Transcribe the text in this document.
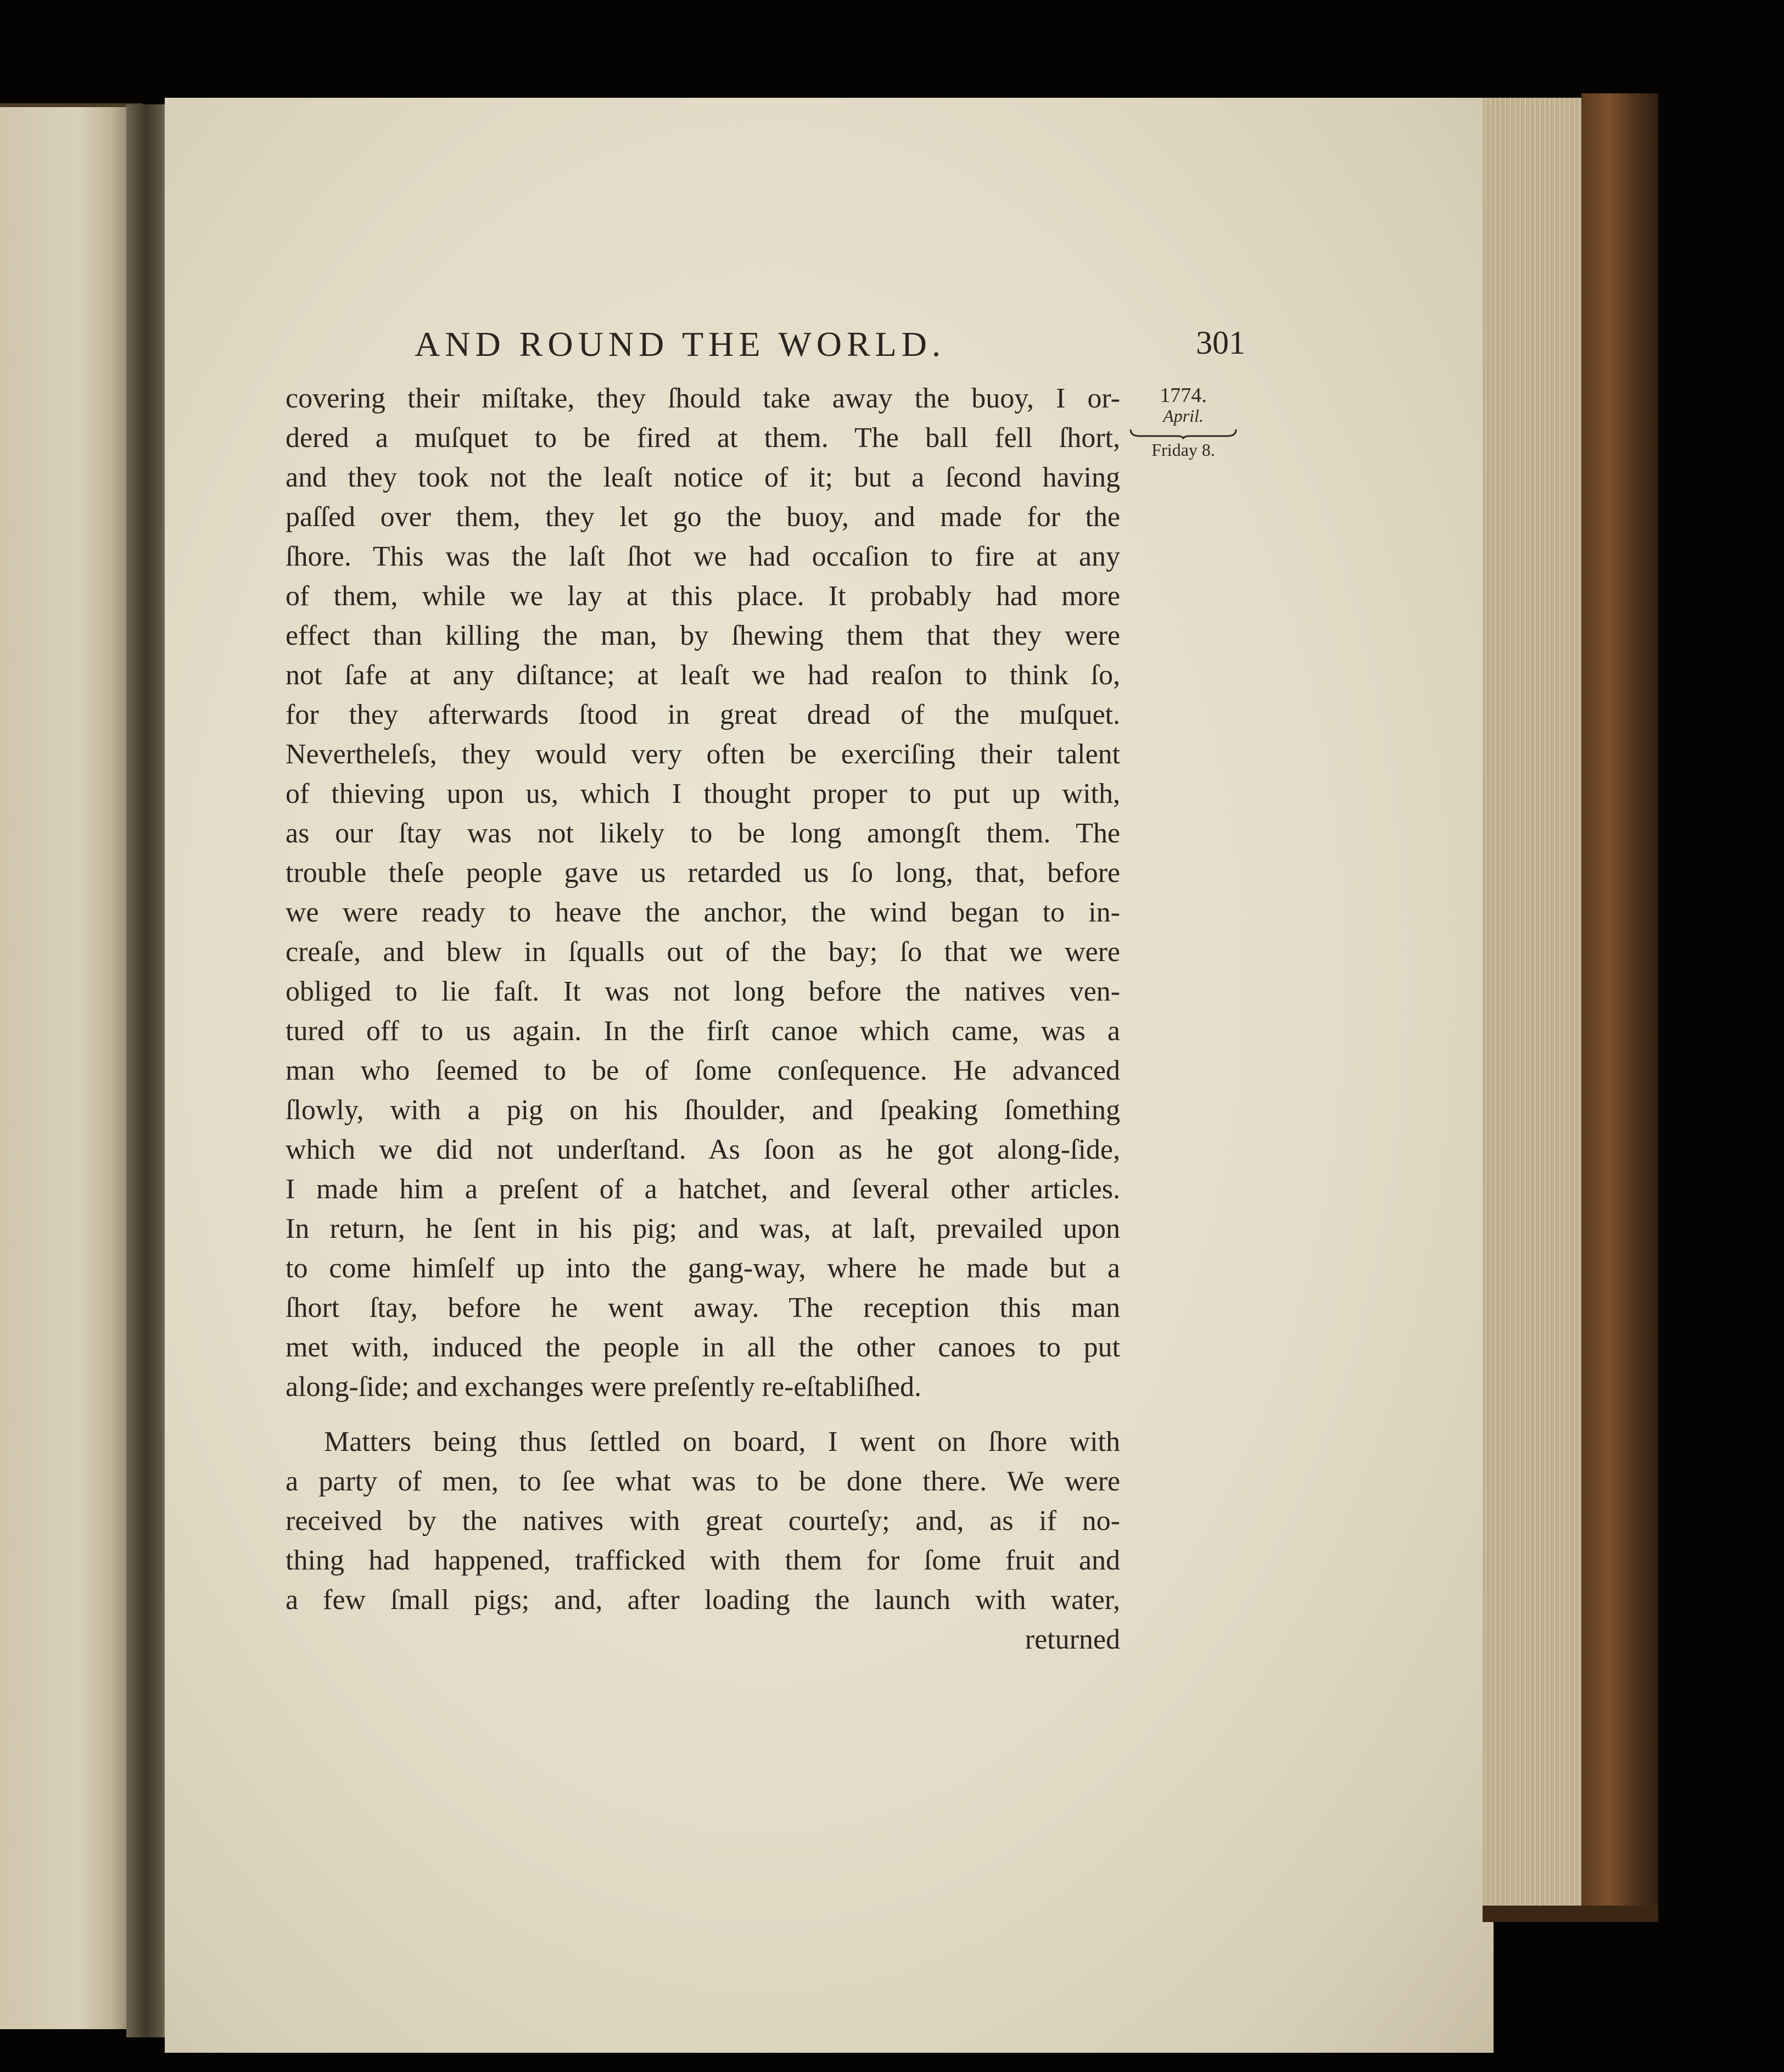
AND ROUND THE WORLD.	301
1774.
April.
Friday 8.
covering their miſtake, they ſhould take away the buoy, I or-
dered a muſquet to be fired at them. The ball fell ſhort,
and they took not the leaſt notice of it; but a ſecond having
paſſed over them, they let go the buoy, and made for the
ſhore. This was the laſt ſhot we had occaſion to fire at any
of them, while we lay at this place. It probably had more
effect than killing the man, by ſhewing them that they were
not ſafe at any diſtance; at leaſt we had reaſon to think ſo,
for they afterwards ſtood in great dread of the muſquet.
Nevertheleſs, they would very often be exerciſing their talent
of thieving upon us, which I thought proper to put up with,
as our ſtay was not likely to be long amongſt them. The
trouble theſe people gave us retarded us ſo long, that, before
we were ready to heave the anchor, the wind began to in-
creaſe, and blew in ſqualls out of the bay; ſo that we were
obliged to lie faſt. It was not long before the natives ven-
tured off to us again. In the firſt canoe which came, was a
man who ſeemed to be of ſome conſequence. He advanced
ſlowly, with a pig on his ſhoulder, and ſpeaking ſomething
which we did not underſtand. As ſoon as he got along-ſide,
I made him a preſent of a hatchet, and ſeveral other articles.
In return, he ſent in his pig; and was, at laſt, prevailed upon
to come himſelf up into the gang-way, where he made but a
ſhort ſtay, before he went away. The reception this man
met with, induced the people in all the other canoes to put
along-ſide; and exchanges were preſently re-eſtabliſhed.
Matters being thus ſettled on board, I went on ſhore with
a party of men, to ſee what was to be done there. We were
received by the natives with great courteſy; and, as if no-
thing had happened, trafficked with them for ſome fruit and
a few ſmall pigs; and, after loading the launch with water,
returned
